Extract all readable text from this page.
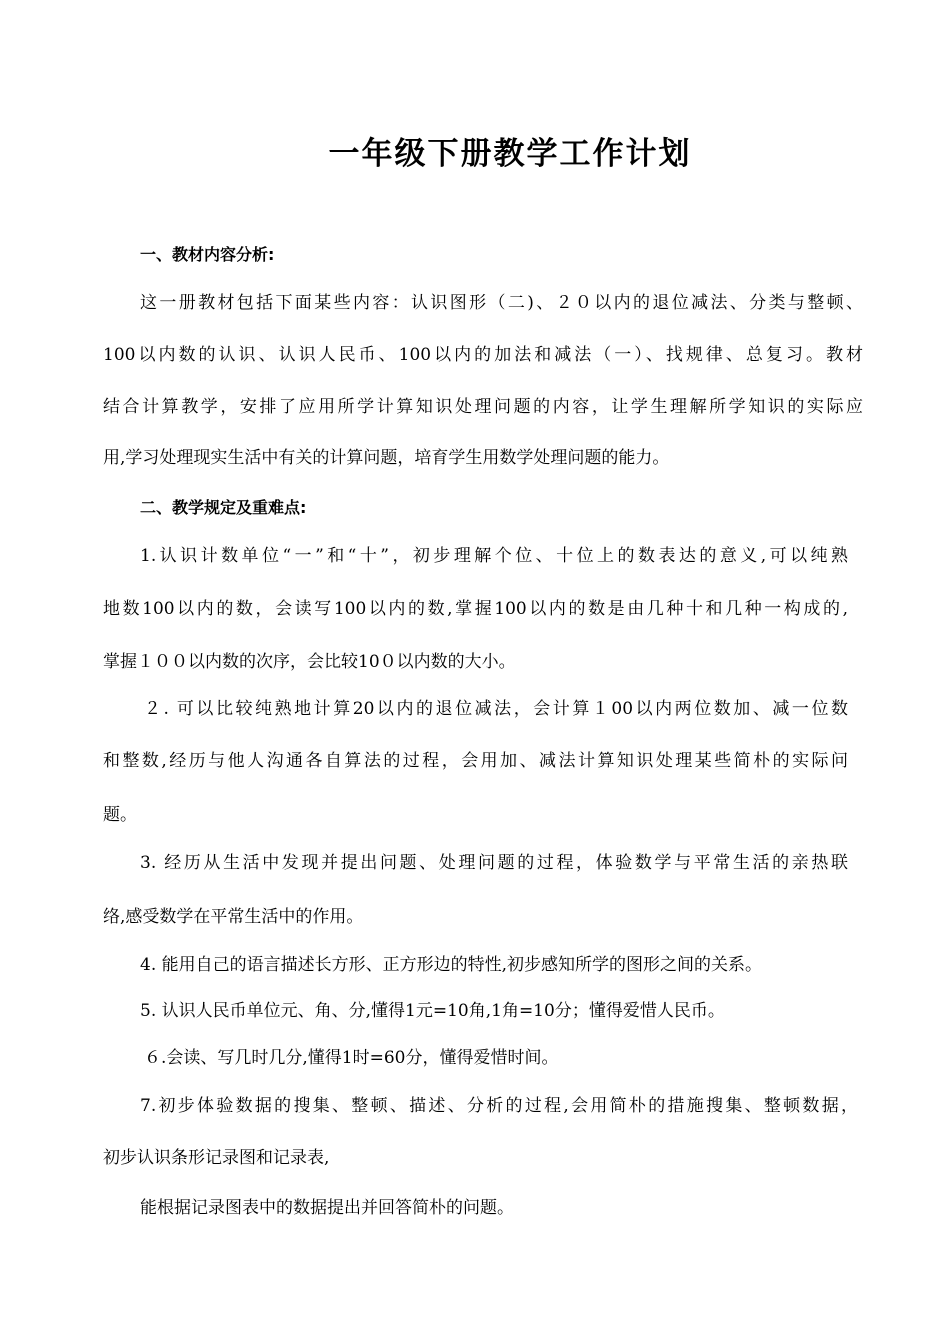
一年级下册教学工作计划
一、教材内容分析:
这一册教材包括下面某些内容：认识图形（二)、２０以内的退位减法、分类与整顿、
100以内数的认识、认识人民币、100以内的加法和减法（一）、找规律、总复习。教材
结合计算教学，安排了应用所学计算知识处理问题的内容，让学生理解所学知识的实际应
用,学习处理现实生活中有关的计算问题，培育学生用数学处理问题的能力。
二、教学规定及重难点:
1.认识计数单位“一”和“十”，初步理解个位、十位上的数表达的意义,可以纯熟
地数100以内的数，会读写100以内的数,掌握100以内的数是由几种十和几种一构成的,
掌握１００以内数的次序，会比较10０以内数的大小。
２. 可以比较纯熟地计算20以内的退位减法，会计算１00以内两位数加、减一位数
和整数,经历与他人沟通各自算法的过程，会用加、减法计算知识处理某些简朴的实际问
题。
3. 经历从生活中发现并提出问题、处理问题的过程，体验数学与平常生活的亲热联
络,感受数学在平常生活中的作用。
4. 能用自己的语言描述长方形、正方形边的特性,初步感知所学的图形之间的关系。
5. 认识人民币单位元、角、分,懂得1元=10角,1角=10分；懂得爱惜人民币。
６.会读、写几时几分,懂得1时=60分，懂得爱惜时间。
7.初步体验数据的搜集、整顿、描述、分析的过程,会用简朴的措施搜集、整顿数据，
初步认识条形记录图和记录表,
能根据记录图表中的数据提出并回答简朴的问题。
